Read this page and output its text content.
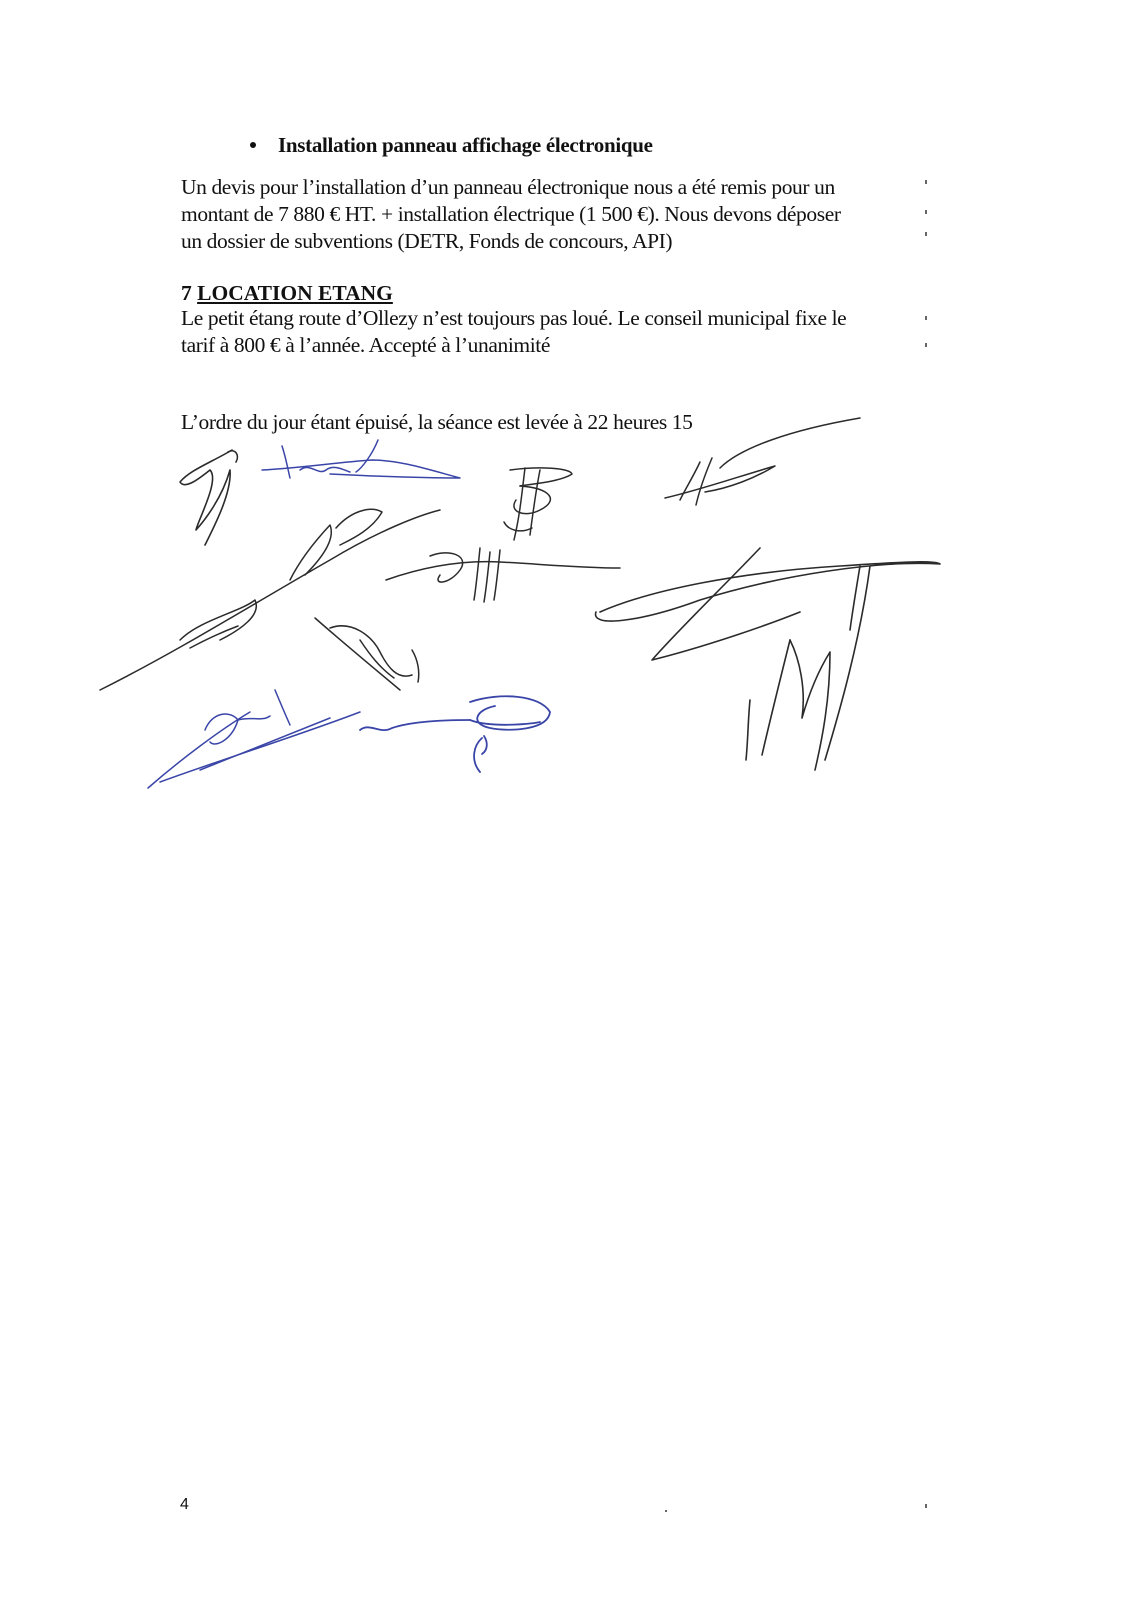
Installation panneau affichage électronique
Un devis pour l’installation d’un panneau électronique nous a été remis pour un
montant de 7 880 € HT. + installation électrique (1 500 €). Nous devons déposer
un dossier de subventions (DETR, Fonds de concours, API)
7 LOCATION ETANG
Le petit étang route d’Ollezy n’est toujours pas loué. Le conseil municipal fixe le
tarif à 800 € à l’année. Accepté à l’unanimité
L’ordre du jour étant épuisé, la séance est levée à 22 heures 15
4
